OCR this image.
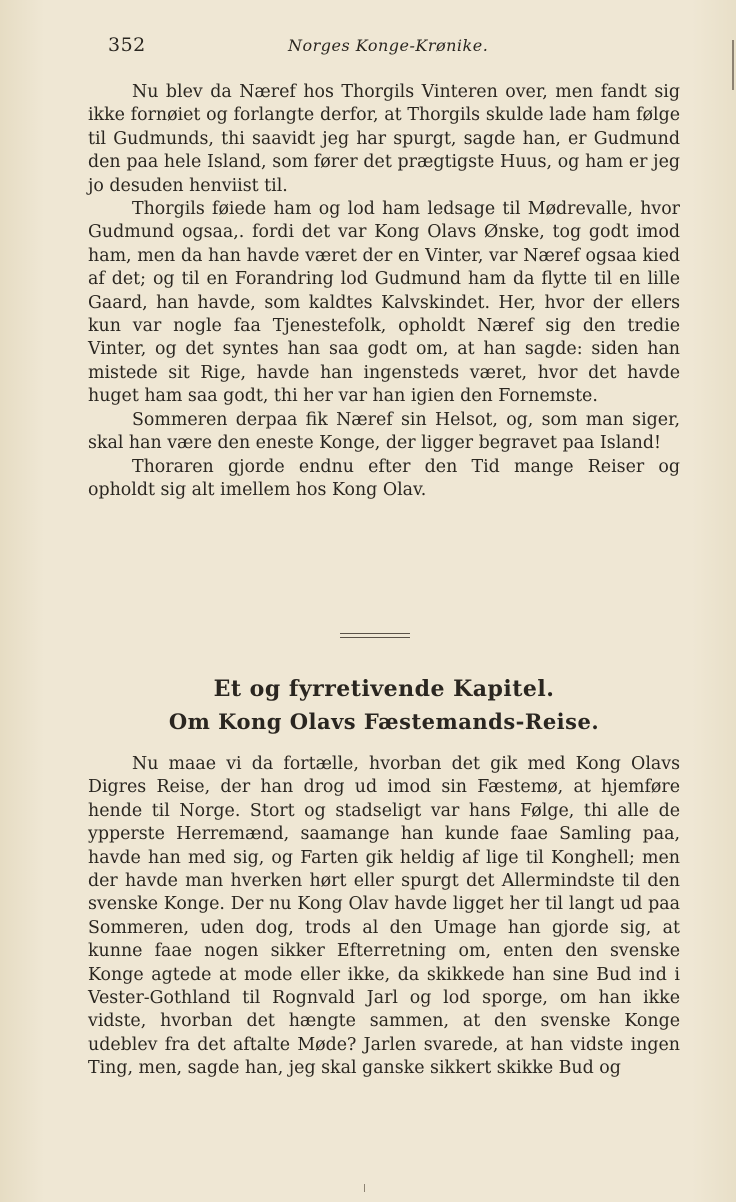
352	Norges Konge-Krønike.

Nu blev da Næref hos Thorgils Vinteren over, men fandt sig ikke fornøiet og forlangte derfor, at Thorgils skulde lade ham følge til Gudmunds, thi saavidt jeg har spurgt, sagde han, er Gudmund den paa hele Island, som fører det prægtigste Huus, og ham er jeg jo desuden henviist til.

Thorgils føiede ham og lod ham ledsage til Mødrevalle, hvor Gudmund ogsaa,. fordi det var Kong Olavs Ønske, tog godt imod ham, men da han havde været der en Vinter, var Næref ogsaa kied af det; og til en Forandring lod Gudmund ham da flytte til en lille Gaard, han havde, som kaldtes Kalvskindet. Her, hvor der ellers kun var nogle faa Tjenestefolk, opholdt Næref sig den tredie Vinter, og det syntes han saa godt om, at han sagde: siden han mistede sit Rige, havde han ingensteds været, hvor det havde huget ham saa godt, thi her var han igien den Fornemste.

Sommeren derpaa fik Næref sin Helsot, og, som man siger, skal han være den eneste Konge, der ligger begravet paa Island!

Thoraren gjorde endnu efter den Tid mange Reiser og opholdt sig alt imellem hos Kong Olav.

Et og fyrretivende Kapitel.
Om Kong Olavs Fæstemands-Reise.

Nu maae vi da fortælle, hvorban det gik med Kong Olavs Digres Reise, der han drog ud imod sin Fæstemø, at hjemføre hende til Norge. Stort og stadseligt var hans Følge, thi alle de ypperste Herremænd, saamange han kunde faae Samling paa, havde han med sig, og Farten gik heldig af lige til Konghell; men der havde man hverken hørt eller spurgt det Allermindste til den svenske Konge. Der nu Kong Olav havde ligget her til langt ud paa Sommeren, uden dog, trods al den Umage han gjorde sig, at kunne faae nogen sikker Efterretning om, enten den svenske Konge agtede at mode eller ikke, da skikkede han sine Bud ind i Vester-Gothland til Rognvald Jarl og lod sporge, om han ikke vidste, hvorban det hængte sammen, at den svenske Konge udeblev fra det aftalte Møde? Jarlen svarede, at han vidste ingen Ting, men, sagde han, jeg skal ganske sikkert skikke Bud og
